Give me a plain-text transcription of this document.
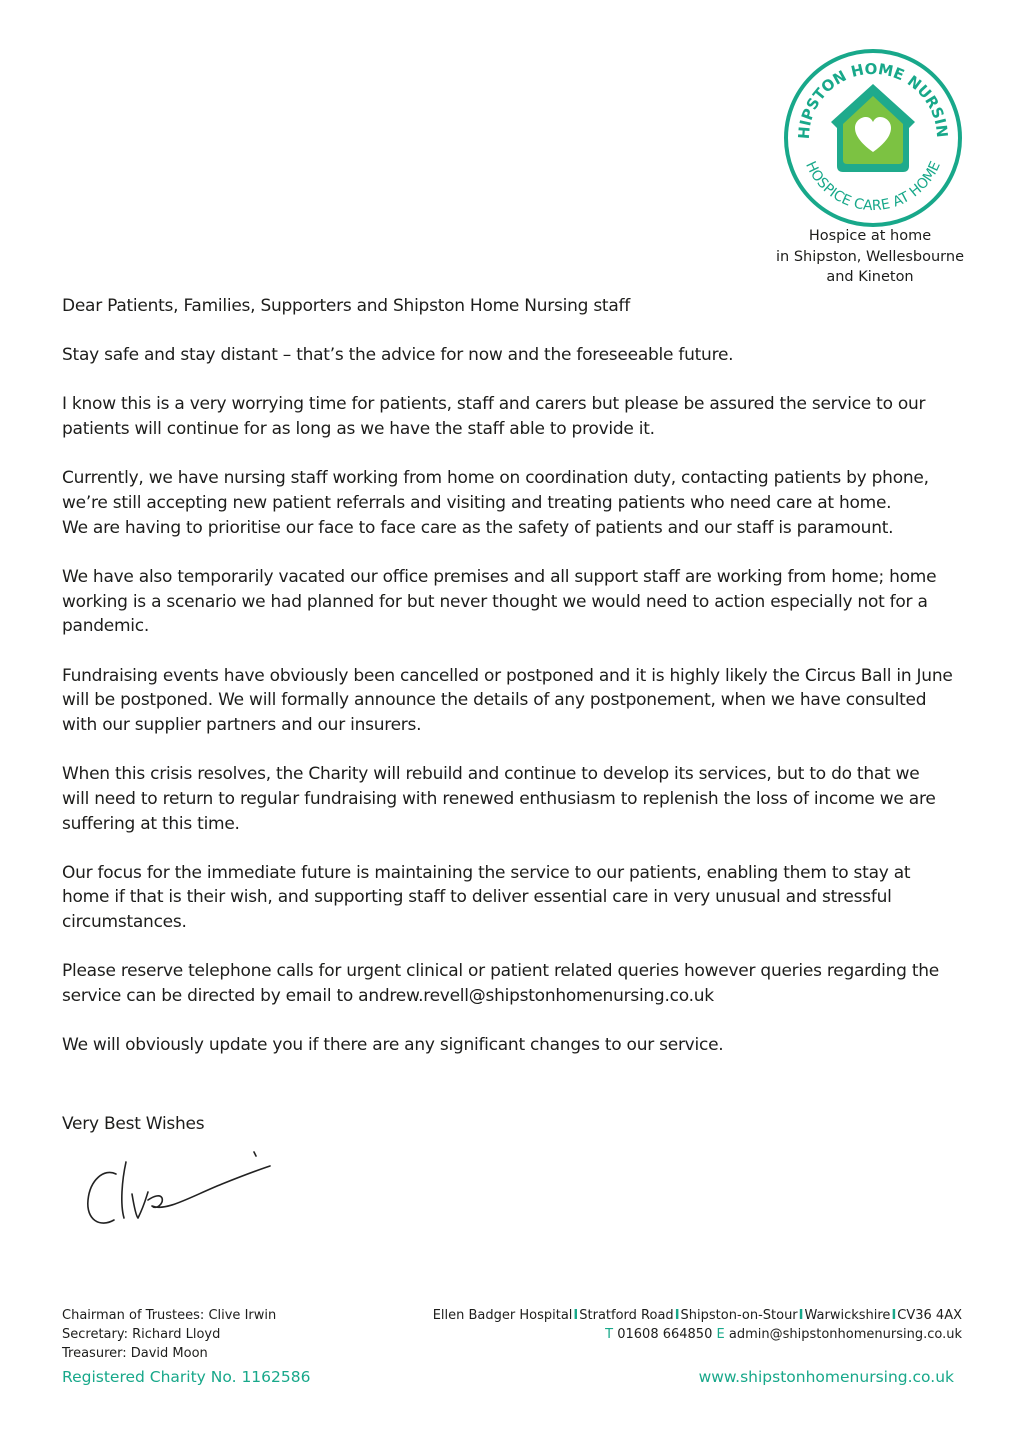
HIPSTON HOME NURSIN
HOSPICE CARE AT HOME
Hospice at home
in Shipston, Wellesbourne
and Kineton

Dear Patients, Families, Supporters and Shipston Home Nursing staff

Stay safe and stay distant – that’s the advice for now and the foreseeable future.

I know this is a very worrying time for patients, staff and carers but please be assured the service to our
patients will continue for as long as we have the staff able to provide it.

Currently, we have nursing staff working from home on coordination duty, contacting patients by phone,
we’re still accepting new patient referrals and visiting and treating patients who need care at home.
We are having to prioritise our face to face care as the safety of patients and our staff is paramount.

We have also temporarily vacated our office premises and all support staff are working from home; home
working is a scenario we had planned for but never thought we would need to action especially not for a
pandemic.

Fundraising events have obviously been cancelled or postponed and it is highly likely the Circus Ball in June
will be postponed. We will formally announce the details of any postponement, when we have consulted
with our supplier partners and our insurers.

When this crisis resolves, the Charity will rebuild and continue to develop its services, but to do that we
will need to return to regular fundraising with renewed enthusiasm to replenish the loss of income we are
suffering at this time.

Our focus for the immediate future is maintaining the service to our patients, enabling them to stay at
home if that is their wish, and supporting staff to deliver essential care in very unusual and stressful
circumstances.

Please reserve telephone calls for urgent clinical or patient related queries however queries regarding the
service can be directed by email to andrew.revell@shipstonhomenursing.co.uk

We will obviously update you if there are any significant changes to our service.

Very Best Wishes
Chairman of Trustees: Clive Irwin
Secretary: Richard Lloyd
Treasurer: David Moon
Ellen Badger HospitalIStratford RoadIShipston-on-StourIWarwickshireICV36 4AX
T 01608 664850 E admin@shipstonhomenursing.co.uk
Registered Charity No. 1162586	www.shipstonhomenursing.co.uk
